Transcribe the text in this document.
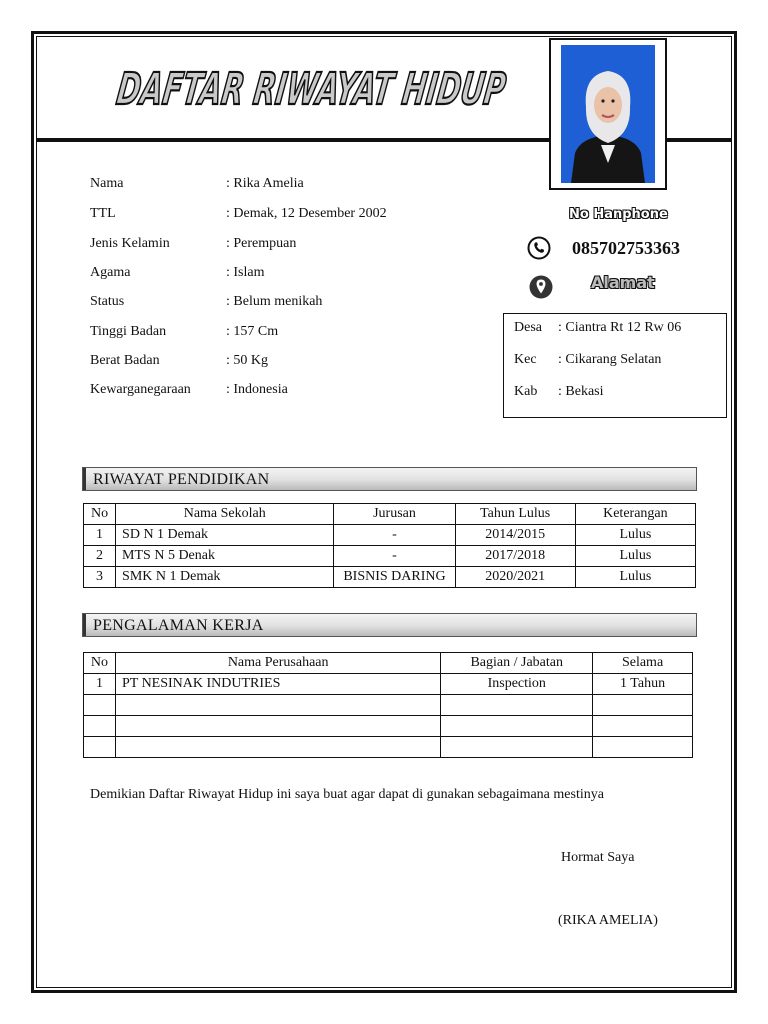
DAFTAR RIWAYAT HIDUP
Nama	: Rika Amelia
TTL	: Demak, 12 Desember 2002
Jenis Kelamin	: Perempuan
Agama	: Islam
Status	: Belum menikah
Tinggi Badan	: 157 Cm
Berat Badan	: 50 Kg
Kewarganegaraan	: Indonesia
No Hanphone
085702753363
Alamat
Desa : Ciantra Rt 12 Rw 06
Kec : Cikarang Selatan
Kab : Bekasi
RIWAYAT PENDIDIKAN
No	Nama Sekolah	Jurusan	Tahun Lulus	Keterangan
1	SD N 1 Demak	-	2014/2015	Lulus
2	MTS N 5 Denak	-	2017/2018	Lulus
3	SMK N 1 Demak	BISNIS DARING	2020/2021	Lulus
PENGALAMAN KERJA
No	Nama Perusahaan	Bagian / Jabatan	Selama
1	PT NESINAK INDUTRIES	Inspection	1 Tahun

Demikian Daftar Riwayat Hidup ini saya buat agar dapat di gunakan sebagaimana mestinya
Hormat Saya
(RIKA AMELIA)
